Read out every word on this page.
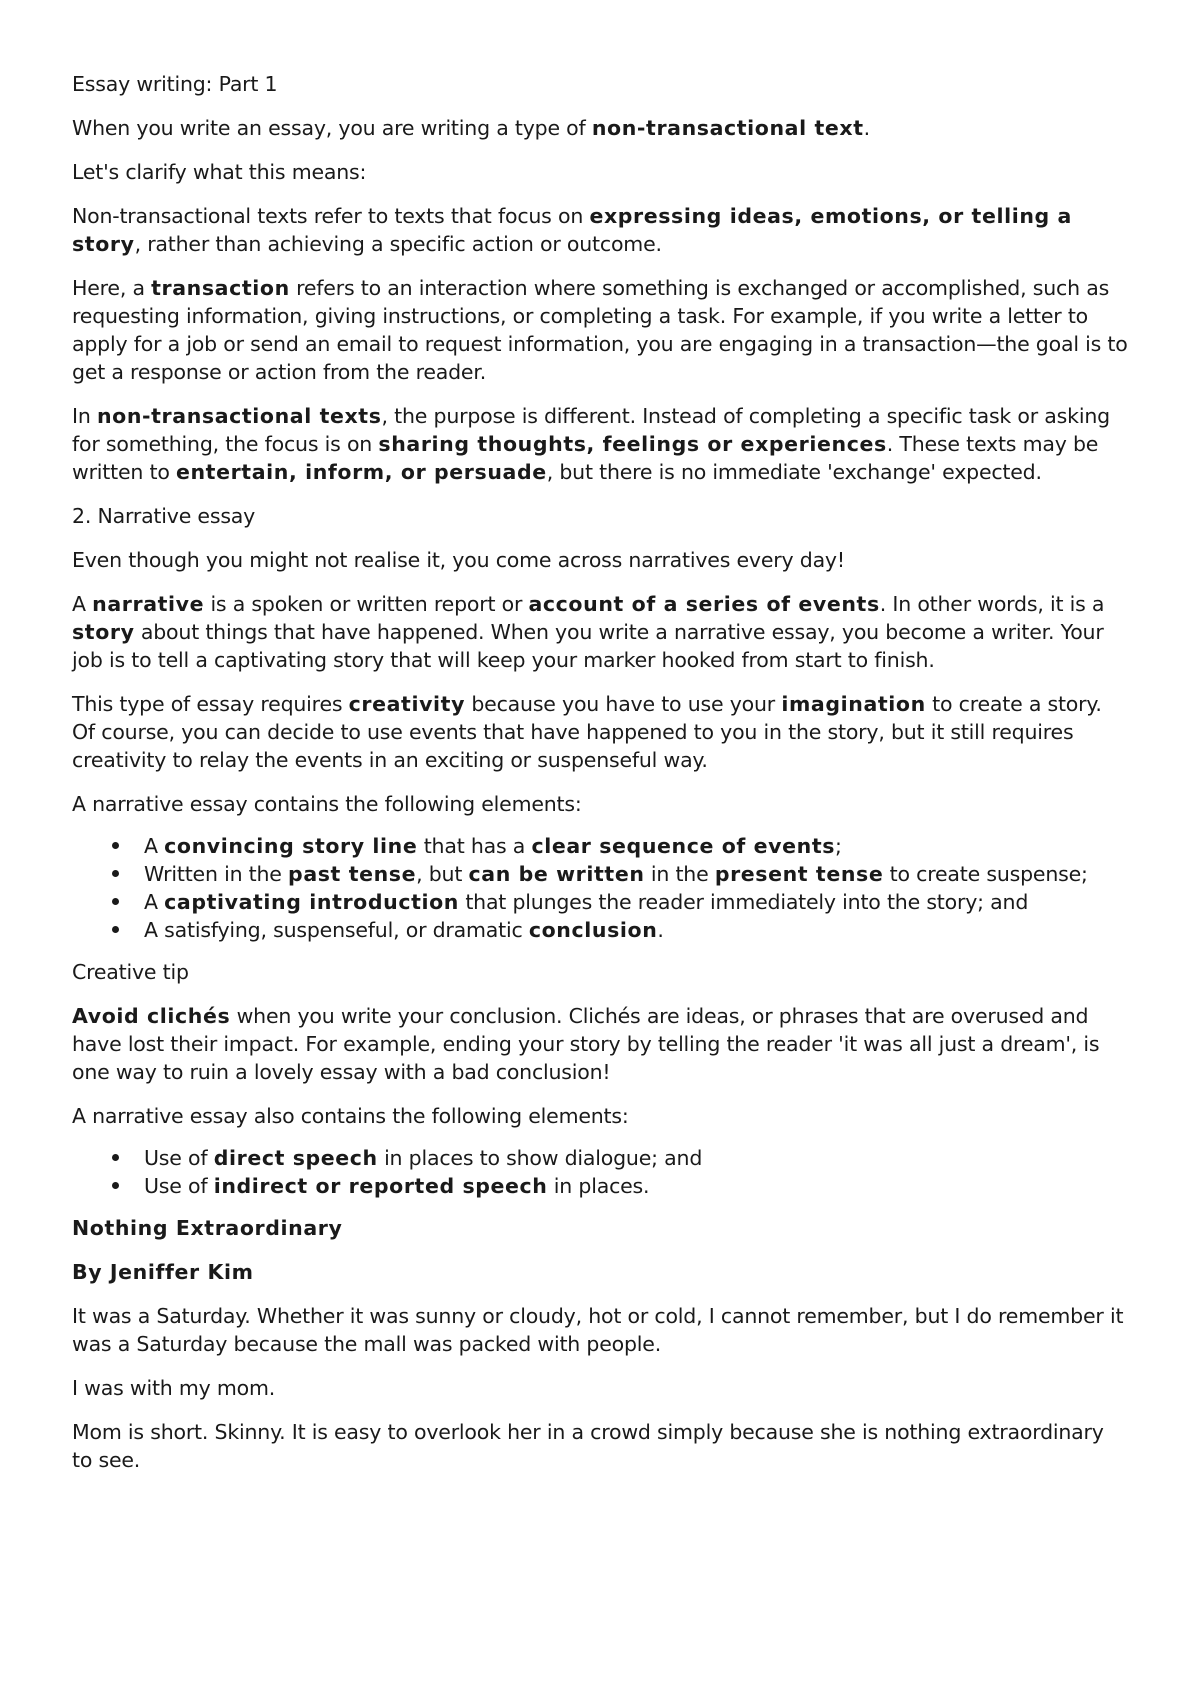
Essay writing: Part 1

When you write an essay, you are writing a type of non-transactional text.

Let's clarify what this means:

Non-transactional texts refer to texts that focus on expressing ideas, emotions, or telling a story, rather than achieving a specific action or outcome.

Here, a transaction refers to an interaction where something is exchanged or accomplished, such as requesting information, giving instructions, or completing a task. For example, if you write a letter to apply for a job or send an email to request information, you are engaging in a transaction—the goal is to get a response or action from the reader.

In non-transactional texts, the purpose is different. Instead of completing a specific task or asking for something, the focus is on sharing thoughts, feelings or experiences. These texts may be written to entertain, inform, or persuade, but there is no immediate 'exchange' expected.

2. Narrative essay

Even though you might not realise it, you come across narratives every day!

A narrative is a spoken or written report or account of a series of events. In other words, it is a story about things that have happened. When you write a narrative essay, you become a writer. Your job is to tell a captivating story that will keep your marker hooked from start to finish.

This type of essay requires creativity because you have to use your imagination to create a story. Of course, you can decide to use events that have happened to you in the story, but it still requires creativity to relay the events in an exciting or suspenseful way.

A narrative essay contains the following elements:

A convincing story line that has a clear sequence of events;
Written in the past tense, but can be written in the present tense to create suspense;
A captivating introduction that plunges the reader immediately into the story; and
A satisfying, suspenseful, or dramatic conclusion.

Creative tip

Avoid clichés when you write your conclusion. Clichés are ideas, or phrases that are overused and have lost their impact. For example, ending your story by telling the reader 'it was all just a dream', is one way to ruin a lovely essay with a bad conclusion!

A narrative essay also contains the following elements:

Use of direct speech in places to show dialogue; and
Use of indirect or reported speech in places.

Nothing Extraordinary

By Jeniffer Kim

It was a Saturday. Whether it was sunny or cloudy, hot or cold, I cannot remember, but I do remember it was a Saturday because the mall was packed with people.

I was with my mom.

Mom is short. Skinny. It is easy to overlook her in a crowd simply because she is nothing extraordinary to see.
